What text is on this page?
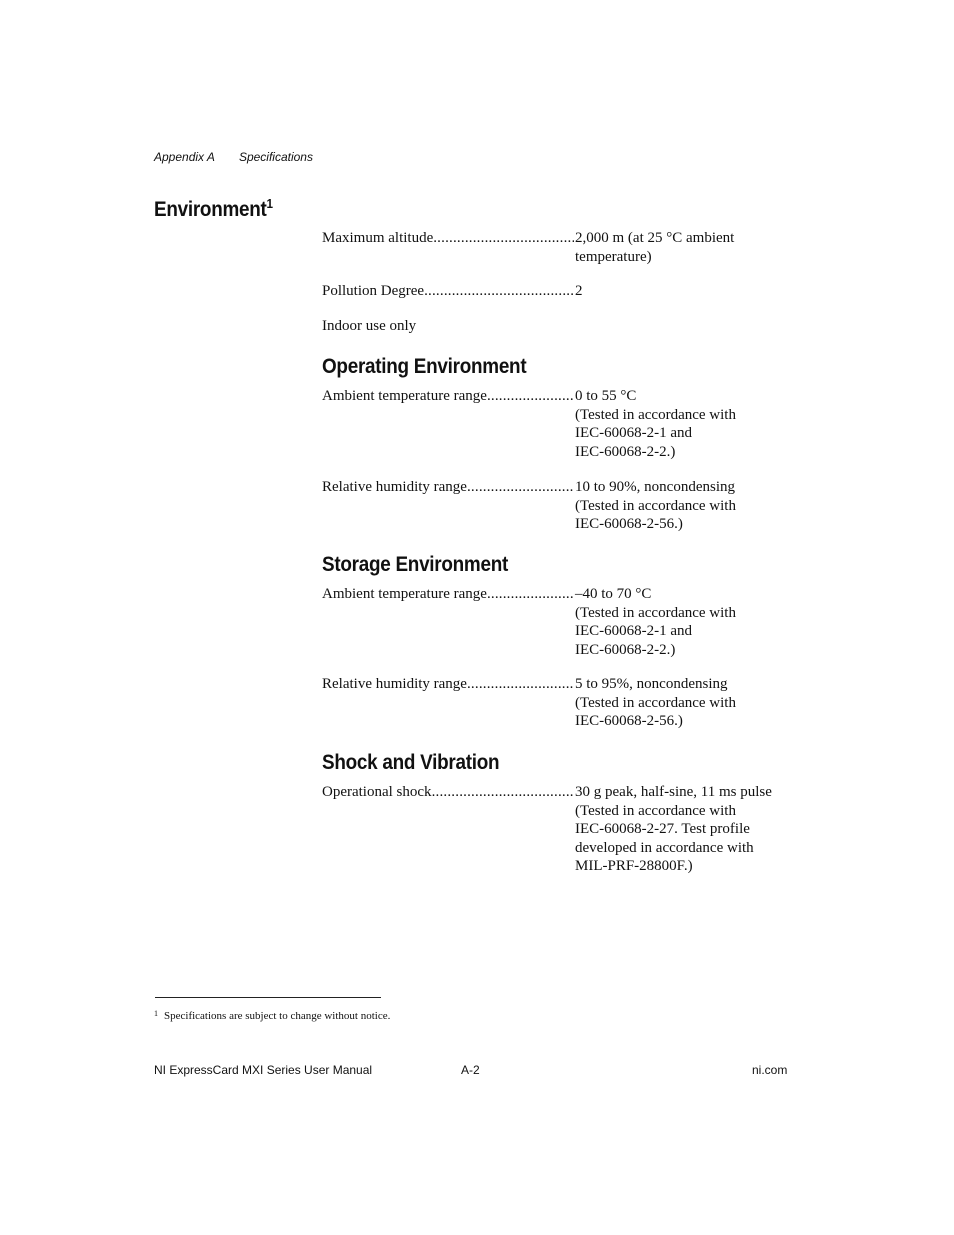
Appendix A Specifications
Environment$^1$
Maximum altitude .....	2,000 m (at 25 °C ambient
temperature)
Pollution Degree .....	2
Indoor use only
Operating Environment
Ambient temperature range .....	0 to 55 °C
(Tested in accordance with
IEC-60068-2-1 and
IEC-60068-2-2.)
Relative humidity range .....	10 to 90%, noncondensing
(Tested in accordance with
IEC-60068-2-56.)
Storage Environment
Ambient temperature range .....	–40 to 70 °C
(Tested in accordance with
IEC-60068-2-1 and
IEC-60068-2-2.)
Relative humidity range .....	5 to 95%, noncondensing
(Tested in accordance with
IEC-60068-2-56.)
Shock and Vibration
Operational shock .....	30 g peak, half-sine, 11 ms pulse
(Tested in accordance with
IEC-60068-2-27. Test profile
developed in accordance with
MIL-PRF-28800F.)
$^1$ Specifications are subject to change without notice.
NI ExpressCard MXI Series User Manual	A-2	ni.com
